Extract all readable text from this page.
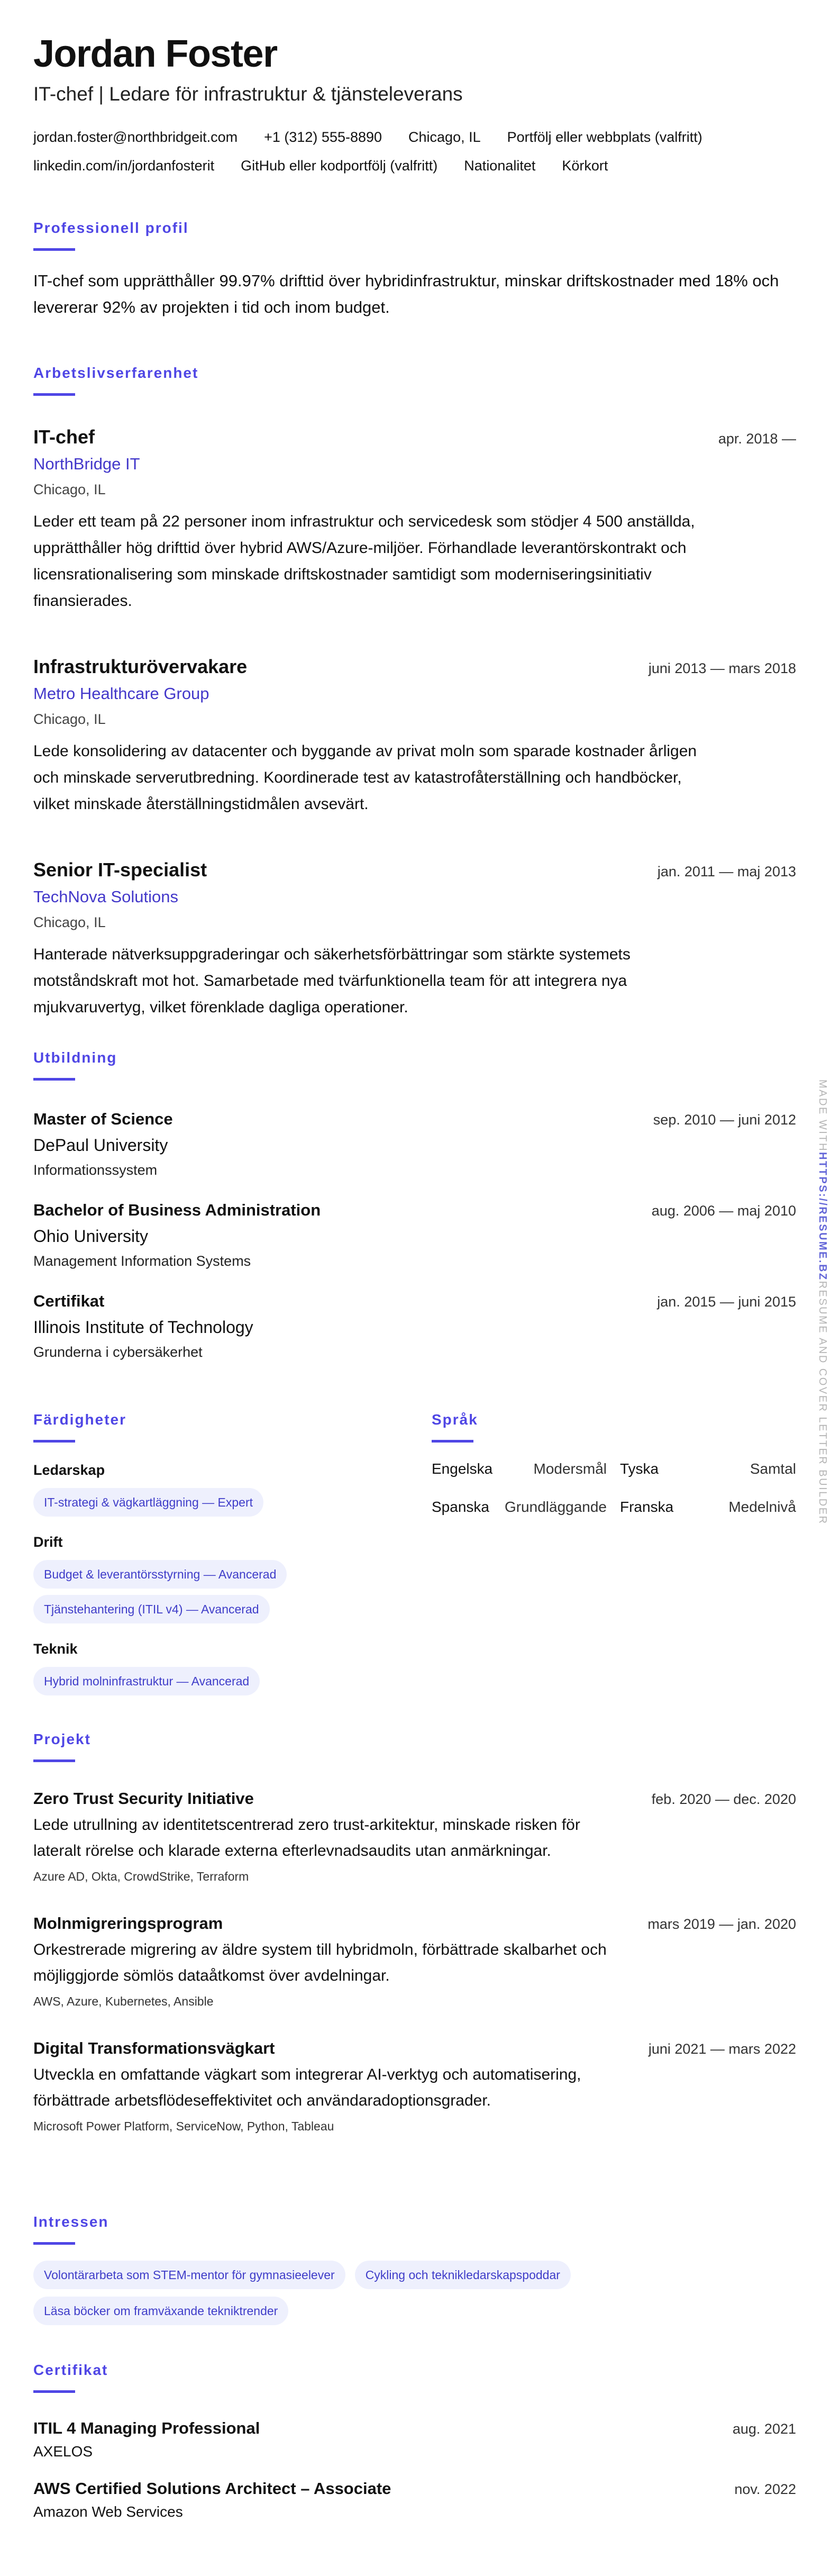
Jordan Foster
IT-chef | Ledare för infrastruktur & tjänsteleverans
jordan.foster@northbridgeit.com +1 (312) 555-8890 Chicago, IL Portfölj eller webbplats (valfritt)
linkedin.com/in/jordanfosterit GitHub eller kodportfölj (valfritt) Nationalitet Körkort
Professionell profil
IT-chef som upprätthåller 99.97% drifttid över hybridinfrastruktur, minskar driftskostnader med 18% och levererar 92% av projekten i tid och inom budget.
Arbetslivserfarenhet
IT-chef	apr. 2018 —
NorthBridge IT
Chicago, IL
Leder ett team på 22 personer inom infrastruktur och servicedesk som stödjer 4 500 anställda, upprätthåller hög drifttid över hybrid AWS/Azure-miljöer. Förhandlade leverantörskontrakt och licensrationalisering som minskade driftskostnader samtidigt som moderniseringsinitiativ finansierades.
Infrastrukturövervakare	juni 2013 — mars 2018
Metro Healthcare Group
Chicago, IL
Lede konsolidering av datacenter och byggande av privat moln som sparade kostnader årligen och minskade serverutbredning. Koordinerade test av katastrofåterställning och handböcker, vilket minskade återställningstidmålen avsevärt.
Senior IT-specialist	jan. 2011 — maj 2013
TechNova Solutions
Chicago, IL
Hanterade nätverksuppgraderingar och säkerhetsförbättringar som stärkte systemets motståndskraft mot hot. Samarbetade med tvärfunktionella team för att integrera nya mjukvaruvertyg, vilket förenklade dagliga operationer.
Utbildning
Master of Science	sep. 2010 — juni 2012
DePaul University
Informationssystem
Bachelor of Business Administration	aug. 2006 — maj 2010
Ohio University
Management Information Systems
Certifikat	jan. 2015 — juni 2015
Illinois Institute of Technology
Grunderna i cybersäkerhet
Färdigheter
Ledarskap
IT-strategi & vägkartläggning — Expert
Drift
Budget & leverantörsstyrning — Avancerad
Tjänstehantering (ITIL v4) — Avancerad
Teknik
Hybrid molninfrastruktur — Avancerad
Språk
Engelska	Modersmål Tyska	Samtal
Spanska Grundläggande Franska	Medelnivå
Projekt
Zero Trust Security Initiative	feb. 2020 — dec. 2020
Lede utrullning av identitetscentrerad zero trust-arkitektur, minskade risken för lateralt rörelse och klarade externa efterlevnadsaudits utan anmärkningar.
Azure AD, Okta, CrowdStrike, Terraform
Molnmigreringsprogram	mars 2019 — jan. 2020
Orkestrerade migrering av äldre system till hybridmoln, förbättrade skalbarhet och möjliggjorde sömlös dataåtkomst över avdelningar.
AWS, Azure, Kubernetes, Ansible
Digital Transformationsvägkart	juni 2021 — mars 2022
Utveckla en omfattande vägkart som integrerar AI-verktyg och automatisering, förbättrade arbetsflödeseffektivitet och användaradoptionsgrader.
Microsoft Power Platform, ServiceNow, Python, Tableau
Intressen
Volontärarbeta som STEM-mentor för gymnasieelever	Cykling och teknikledarskapspoddar
Läsa böcker om framväxande tekniktrender
Certifikat
ITIL 4 Managing Professional	aug. 2021
AXELOS
AWS Certified Solutions Architect – Associate	nov. 2022
Amazon Web Services
MADE WITHHTTPS://RESUME.BZRESUME AND COVER LETTER BUILDER
